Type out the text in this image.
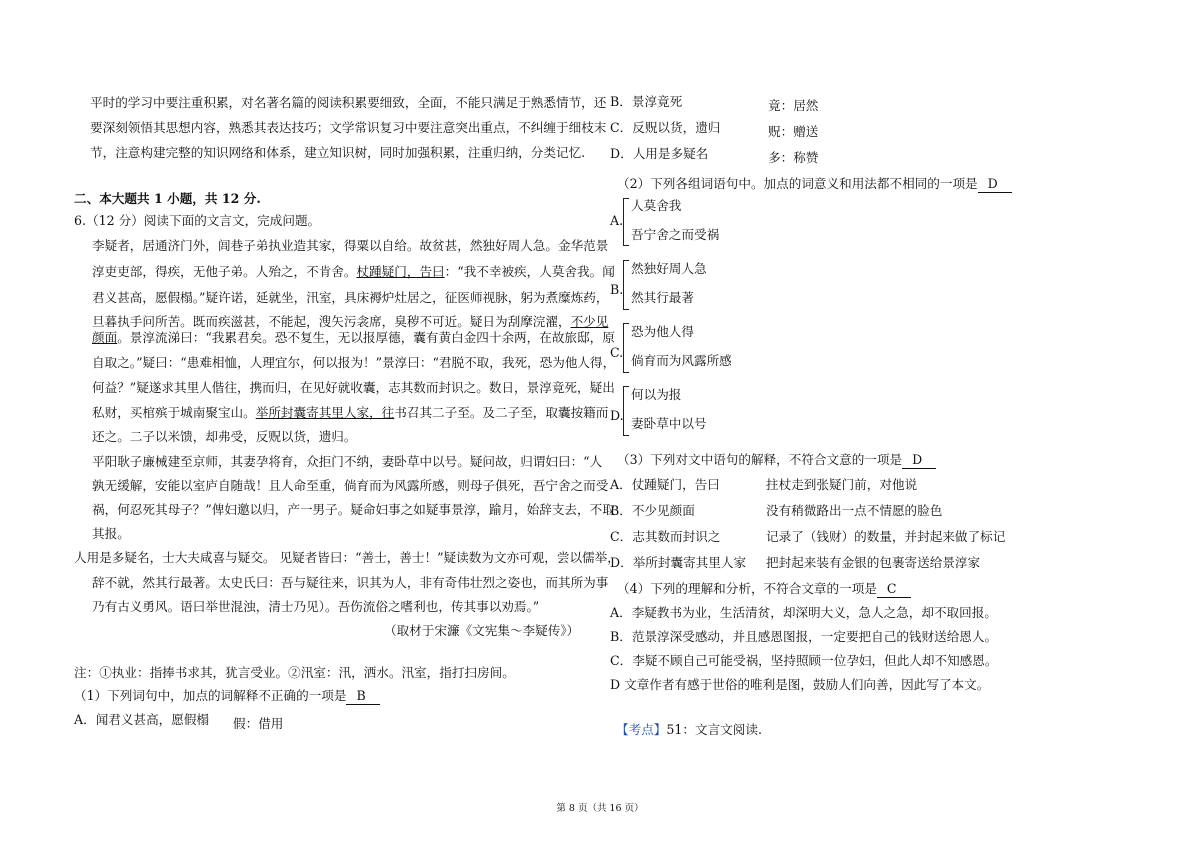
平时的学习中要注重积累，对名著名篇的阅读积累要细致，全面，不能只满足于熟悉情节，还
要深刻领悟其思想内容，熟悉其表达技巧；文学常识复习中要注意突出重点，不纠缠于细枝末
节，注意构建完整的知识网络和体系，建立知识树，同时加强积累，注重归纳，分类记忆.
二、本大题共 1 小题，共 12 分.
6.（12 分）阅读下面的文言文，完成问题。
李疑者，居通济门外，闾巷子弟执业造其家，得粟以自给。故贫甚，然独好周人急。金华范景
淳吏吏部，得疾，无他子弟。人殆之，不肯舍。杖踵疑门，告曰：“我不幸被疾，人莫舍我。闻
君义甚高，愿假榻。”疑许诺，延就坐，汛室，具床褥炉灶居之，征医师视脉，躬为煮糜炼药，
旦暮执手问所苦。既而疾滋甚，不能起，溲矢污衾席，臭秽不可近。疑日为刮摩浣濯，不少见
颜面。景淳流涕曰：“我累君矣。恐不复生，无以报厚德，囊有黄白金四十余两，在故旅邸，原
自取之。”疑曰：“患难相恤，人理宜尔，何以报为！”景淳曰：“君脱不取，我死，恐为他人得，
何益？”疑遂求其里人偕往，携而归，在见好就收囊，志其数而封识之。数日，景淳竟死，疑出
私财，买棺殡于城南聚宝山。举所封囊寄其里人家，往书召其二子至。及二子至，取囊按籍而
还之。二子以米馈，却弗受，反贶以货，遗归。
平阳耿子廉械建至京师，其妻孕将育，众拒门不纳，妻卧草中以号。疑问故，归谓妇曰：“人
孰无缓解，安能以室庐自随哉！且人命至重，倘育而为风露所感，则母子俱死，吾宁舍之而受
祸，何忍死其母子？”俾妇邀以归，产一男子。疑命妇事之如疑事景淳，踰月，始辞支去，不取
其报。
人用是多疑名，士大夫咸喜与疑交。 见疑者皆曰：“善士，善士！”疑读数为文亦可观，尝以儒举，
辞不就，然其行最著。太史氏曰：吾与疑往来，识其为人，非有奇伟壮烈之姿也，而其所为事
乃有古义勇风。语曰举世混浊，清士乃见）。吾伤流俗之嗜利也，传其事以劝焉。”
（取材于宋濂《文宪集～李疑传》）
注：①执业：指捧书求其，犹言受业。②汛室：汛，洒水。汛室，指打扫房间。
（1）下列词句中，加点的词解释不正确的一项是 B
A．闻君义甚高，愿假榻 假：借用
B．景淳竟死	竟：居然
C．反贶以货，遗归	贶：赠送
D．人用是多疑名	多：称赞
（2）下列各组词语句中。加点的词意义和用法都不相同的一项是 D
A.
人莫舍我
吾宁舍之而受祸
B.
然独好周人急
然其行最著
C.
恐为他人得
倘育而为风露所感
D.
何以为报
妻卧草中以号
（3）下列对文中语句的解释，不符合文意的一项是 D
A．仗踵疑门，告曰	拄杖走到张疑门前，对他说
B．不少见颜面	没有稍微路出一点不情愿的脸色
C．志其数而封识之	记录了（钱财）的数量，并封起来做了标记
D．举所封囊寄其里人家 把封起来装有金银的包裹寄送给景淳家
（4）下列的理解和分析，不符合文章的一项是 C
A．李疑教书为业，生活清贫，却深明大义，急人之急，却不取回报。
B．范景淳深受感动，并且感恩图报，一定要把自己的钱财送给恩人。
C．李疑不顾自己可能受祸，坚持照顾一位孕妇，但此人却不知感恩。
D 文章作者有感于世俗的唯利是图，鼓励人们向善，因此写了本文。
【考点】51：文言文阅读.
第 8 页（共 16 页）
